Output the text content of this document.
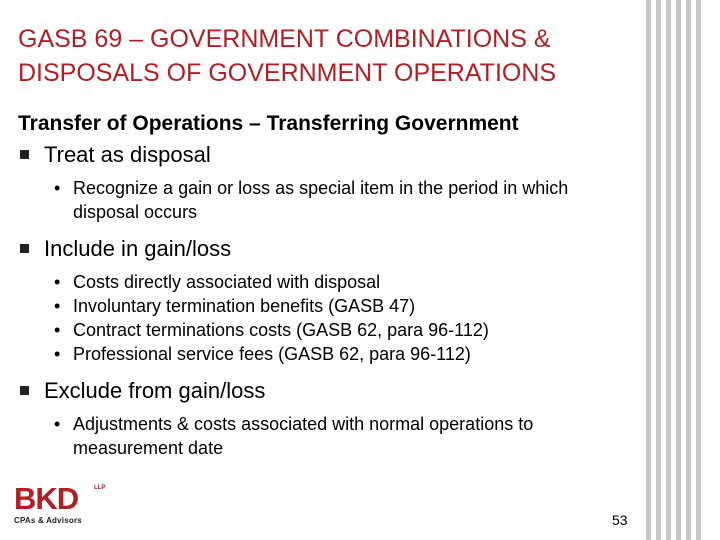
GASB 69 – GOVERNMENT COMBINATIONS &
DISPOSALS OF GOVERNMENT OPERATIONS
Transfer of Operations – Transferring Government
Treat as disposal
• Recognize a gain or loss as special item in the period in which disposal occurs
Include in gain/loss
• Costs directly associated with disposal
• Involuntary termination benefits (GASB 47)
• Contract terminations costs (GASB 62, para 96-112)
• Professional service fees (GASB 62, para 96-112)
Exclude from gain/loss
• Adjustments & costs associated with normal operations to measurement date
BKD	LLP
CPAs & Advisors	53
